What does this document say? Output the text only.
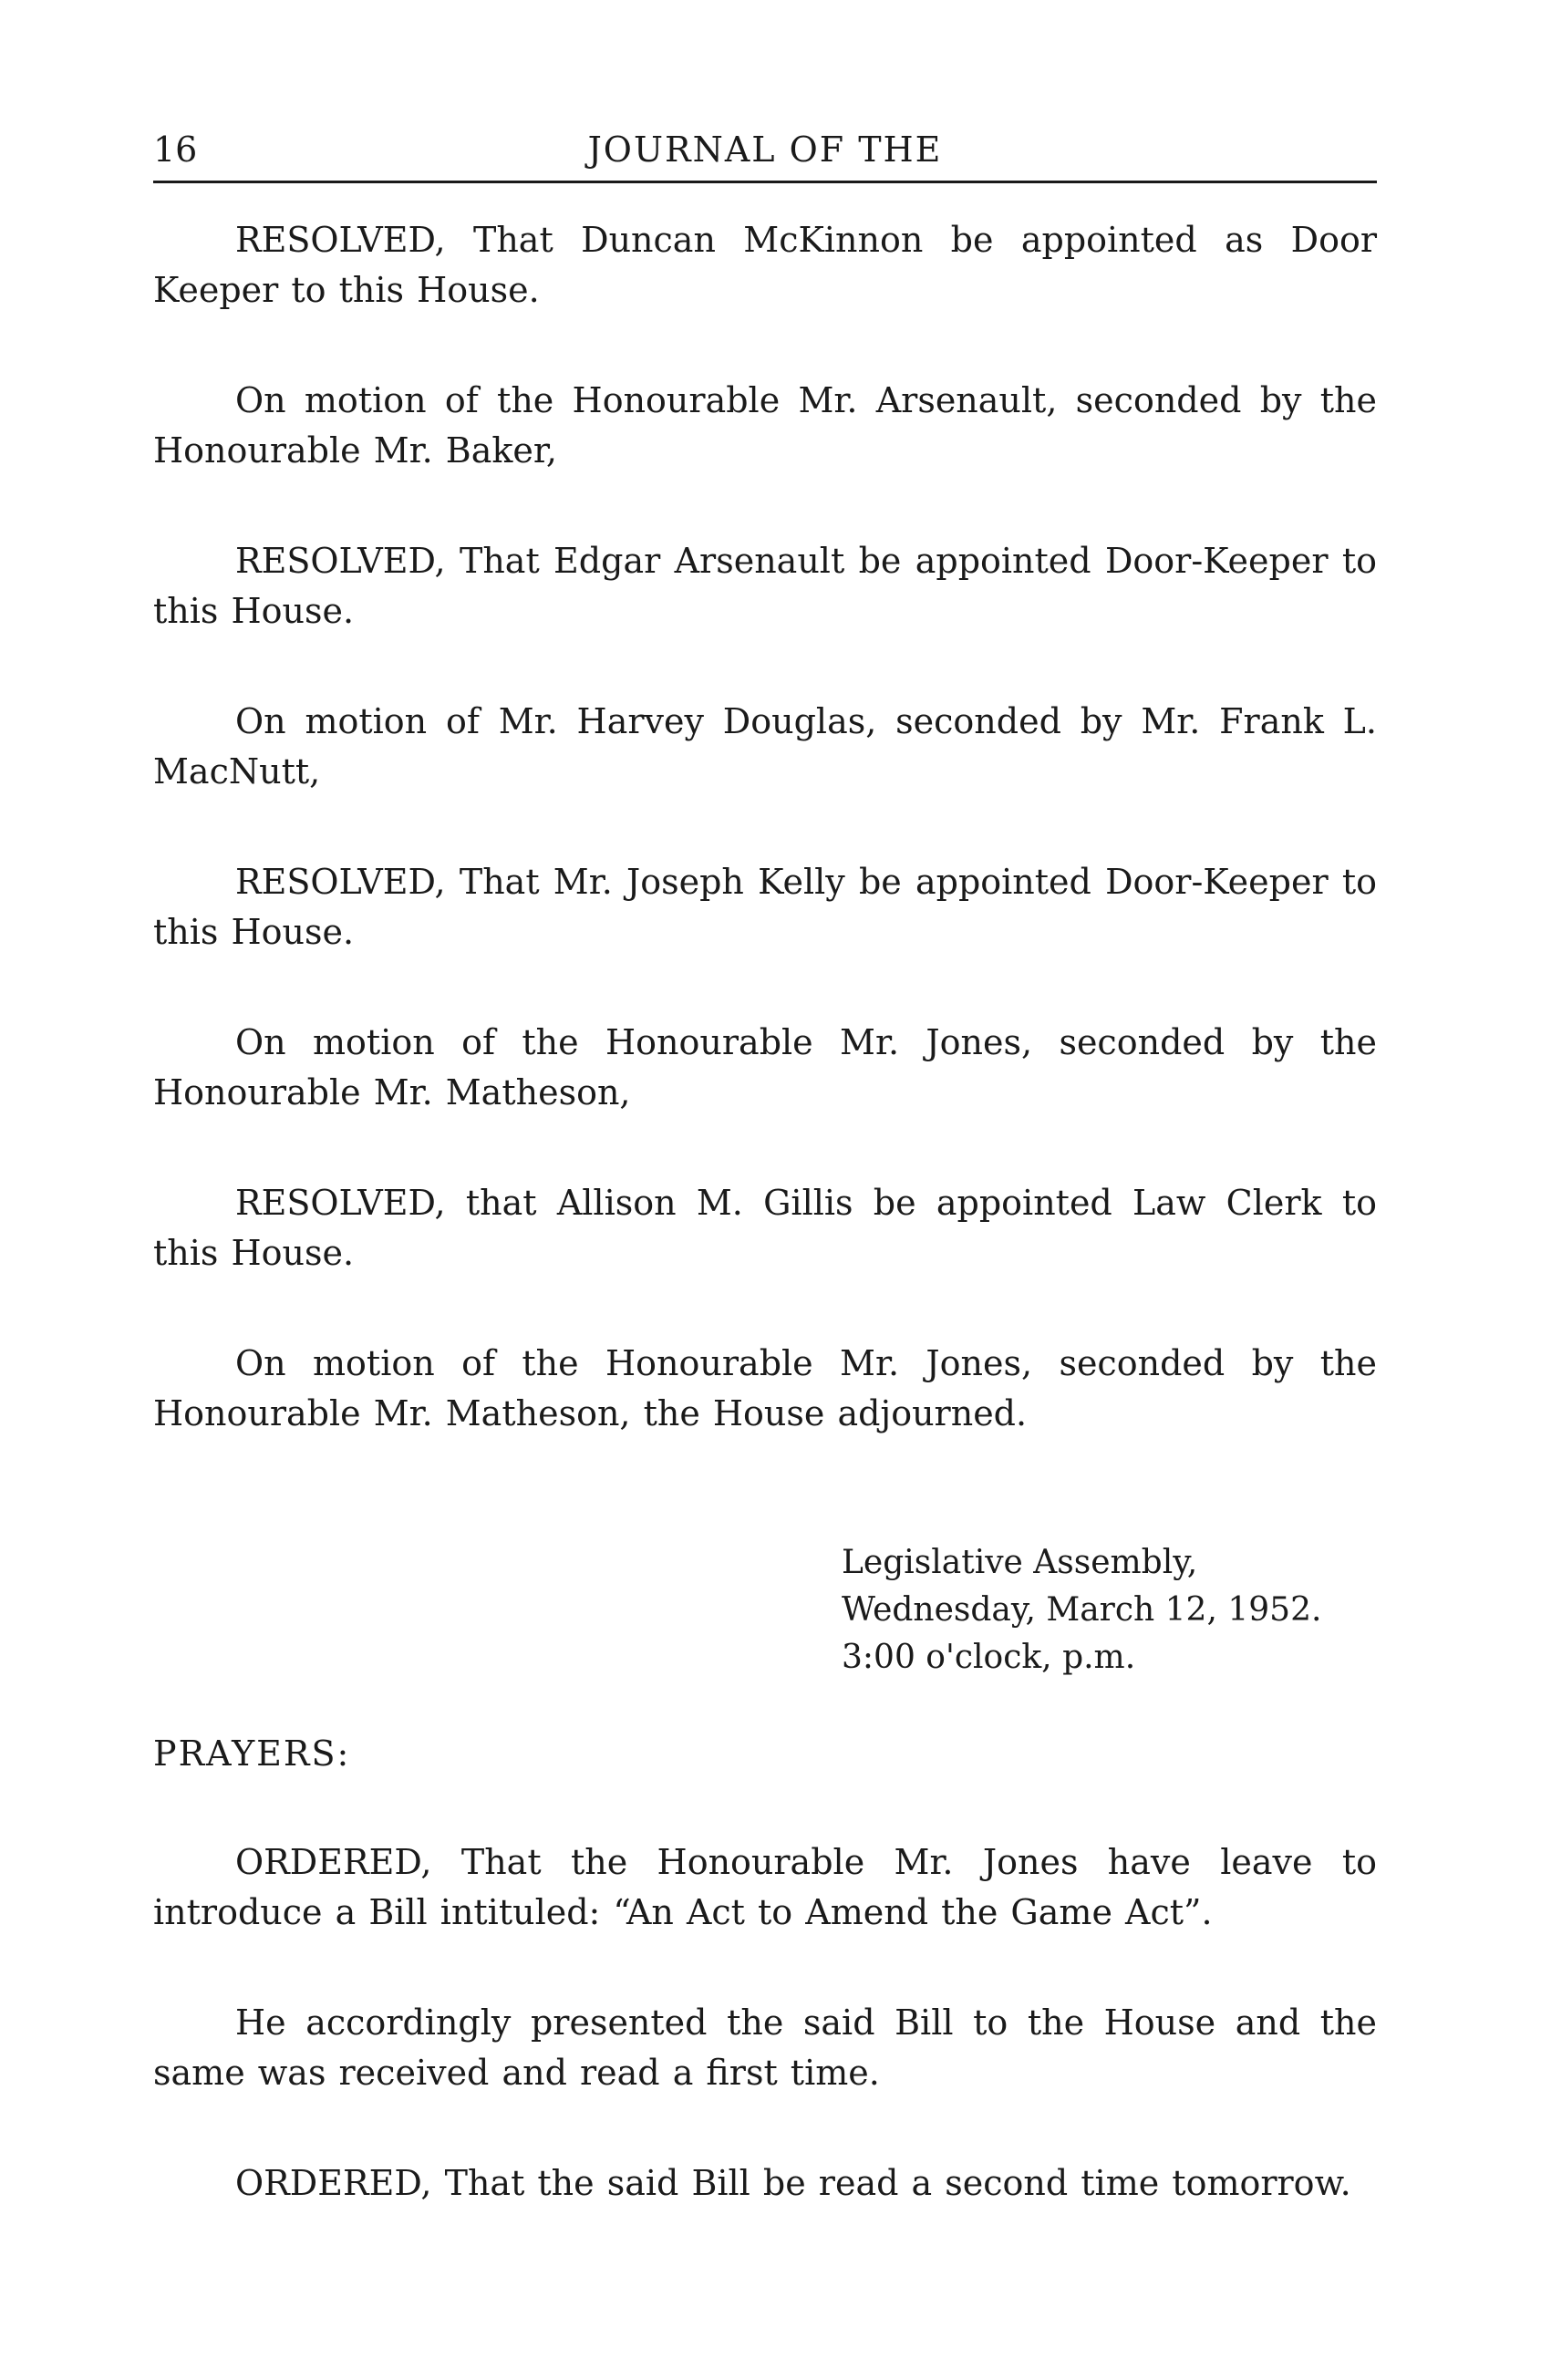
16	JOURNAL OF THE

RESOLVED, That Duncan McKinnon be appointed as Door Keeper to this House.

On motion of the Honourable Mr. Arsenault, seconded by the Honourable Mr. Baker,

RESOLVED, That Edgar Arsenault be appointed Door-Keeper to this House.

On motion of Mr. Harvey Douglas, seconded by Mr. Frank L. MacNutt,

RESOLVED, That Mr. Joseph Kelly be appointed Door-Keeper to this House.

On motion of the Honourable Mr. Jones, seconded by the Honourable Mr. Matheson,

RESOLVED, that Allison M. Gillis be appointed Law Clerk to this House.

On motion of the Honourable Mr. Jones, seconded by the Honourable Mr. Matheson, the House adjourned.

Legislative Assembly,
Wednesday, March 12, 1952.
3:00 o'clock, p.m.

PRAYERS:

ORDERED, That the Honourable Mr. Jones have leave to introduce a Bill intituled: “An Act to Amend the Game Act”.

He accordingly presented the said Bill to the House and the same was received and read a first time.

ORDERED, That the said Bill be read a second time tomorrow.
